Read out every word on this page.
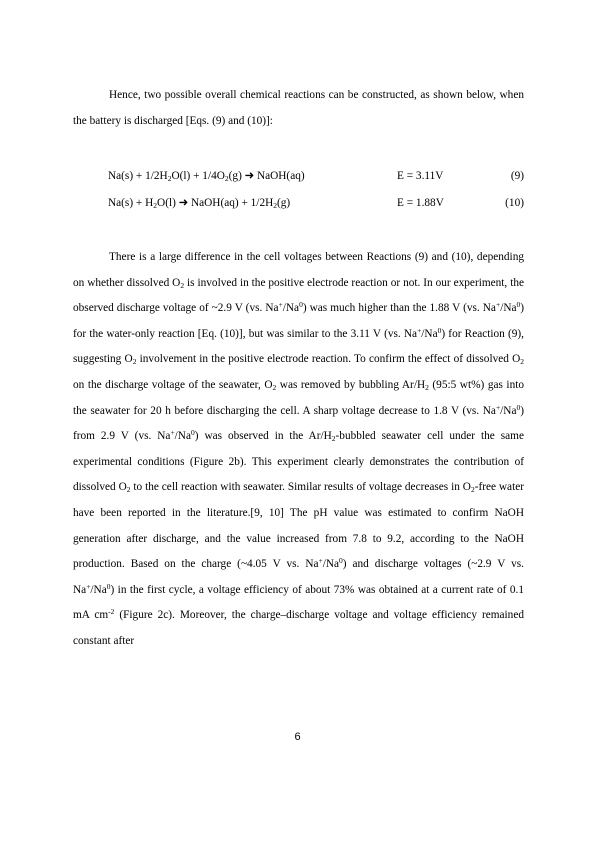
Hence, two possible overall chemical reactions can be constructed, as shown below, when the battery is discharged [Eqs. (9) and (10)]:

$Na(s) + 1/2H_2O(l) + 1/4O_2(g)$ ➜ NaOH(aq)	E = 3.11V	(9)
$Na(s) + H_2O(l)$ ➜ NaOH(aq) + $1/2H_2(g)$	E = 1.88V	(10)

There is a large difference in the cell voltages between Reactions (9) and (10), depending on whether dissolved $O_2$ is involved in the positive electrode reaction or not. In our experiment, the observed discharge voltage of ~2.9 V (vs. Na+/Na$^0$) was much higher than the 1.88 V (vs. Na+/Na$^0$) for the water-only reaction [Eq. (10)], but was similar to the 3.11 V (vs. Na+/Na$^0$) for Reaction (9), suggesting $O_2$ involvement in the positive electrode reaction. To confirm the effect of dissolved $O_2$ on the discharge voltage of the seawater, $O_2$ was removed by bubbling $Ar/H_2$ (95:5 wt%) gas into the seawater for 20 h before discharging the cell. A sharp voltage decrease to 1.8 V (vs. Na+/Na$^0$) from 2.9 V (vs. Na+/Na$^0$) was observed in the $Ar/H_2$-bubbled seawater cell under the same experimental conditions (Figure 2b). This experiment clearly demonstrates the contribution of dissolved $O_2$ to the cell reaction with seawater. Similar results of voltage decreases in $O_2$-free water have been reported in the literature.[9, 10] The pH value was estimated to confirm NaOH generation after discharge, and the value increased from 7.8 to 9.2, according to the NaOH production. Based on the charge (~4.05 V vs. Na+/Na$^0$) and discharge voltages (~2.9 V vs. Na+/Na$^0$) in the first cycle, a voltage efficiency of about 73% was obtained at a current rate of 0.1 mA $cm^{-2}$ (Figure 2c). Moreover, the charge–discharge voltage and voltage efficiency remained constant after

6
